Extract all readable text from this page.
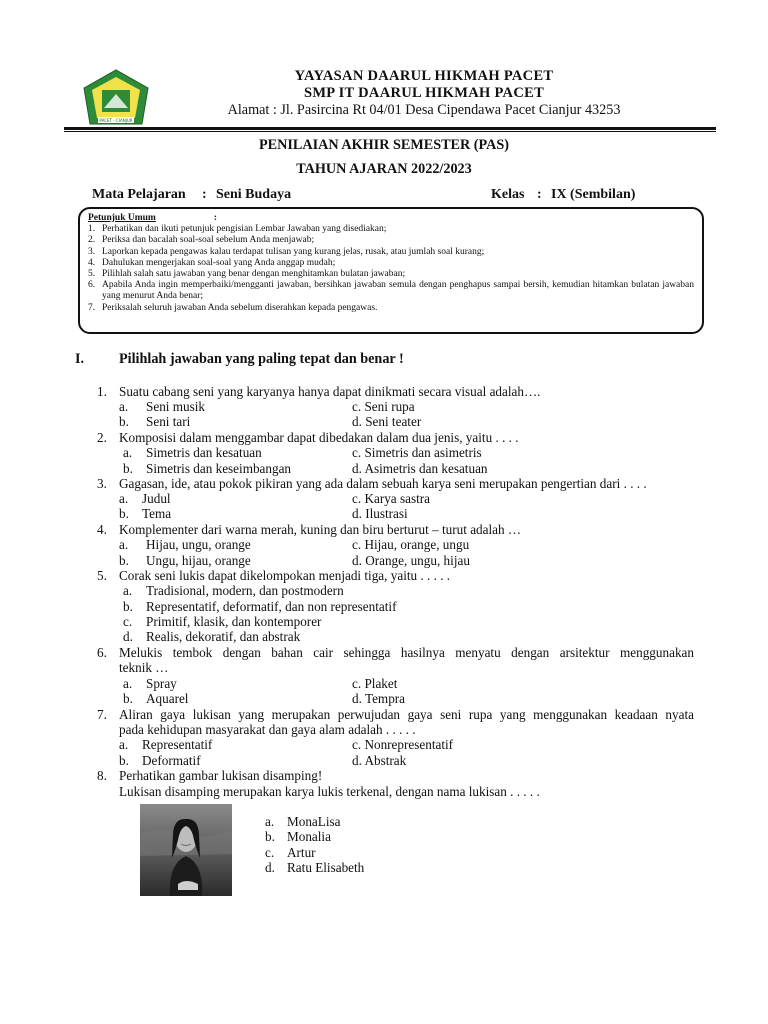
PACET - CIANJUR
YAYASAN DAARUL HIKMAH PACET
SMP IT DAARUL HIKMAH PACET
Alamat : Jl. Pasircina Rt 04/01 Desa Cipendawa Pacet Cianjur 43253
PENILAIAN AKHIR SEMESTER (PAS)
TAHUN AJARAN 2022/2023
Mata Pelajaran : Seni Budaya	Kelas : IX (Sembilan)
Petunjuk Umum	:
1. Perhatikan dan ikuti petunjuk pengisian Lembar Jawaban yang disediakan;
2. Periksa dan bacalah soal-soal sebelum Anda menjawab;
3. Laporkan kepada pengawas kalau terdapat tulisan yang kurang jelas, rusak, atau jumlah soal kurang;
4. Dahulukan mengerjakan soal-soal yang Anda anggap mudah;
5. Pilihlah salah satu jawaban yang benar dengan menghitamkan bulatan jawaban;
6. Apabila Anda ingin memperbaiki/mengganti jawaban, bersihkan jawaban semula dengan penghapus sampai bersih, kemudian hitamkan bulatan jawaban yang menurut Anda benar;
7. Periksalah seluruh jawaban Anda sebelum diserahkan kepada pengawas.
I. Pilihlah jawaban yang paling tepat dan benar !
1. Suatu cabang seni yang karyanya hanya dapat dinikmati secara visual adalah….
a. Seni musik	c. Seni rupa
b. Seni tari	d. Seni teater
2. Komposisi dalam menggambar dapat dibedakan dalam dua jenis, yaitu . . . .
a. Simetris dan kesatuan	c. Simetris dan asimetris
b. Simetris dan keseimbangan	d. Asimetris dan kesatuan
3. Gagasan, ide, atau pokok pikiran yang ada dalam sebuah karya seni merupakan pengertian dari . . . .
a. Judul	c. Karya sastra
b. Tema	d. Ilustrasi
4. Komplementer dari warna merah, kuning dan biru berturut – turut adalah …
a. Hijau, ungu, orange	c. Hijau, orange, ungu
b. Ungu, hijau, orange	d. Orange, ungu, hijau
5. Corak seni lukis dapat dikelompokan menjadi tiga, yaitu . . . . .
a. Tradisional, modern, dan postmodern
b. Representatif, deformatif, dan non representatif
c. Primitif, klasik, dan kontemporer
d. Realis, dekoratif, dan abstrak
6. Melukis tembok dengan bahan cair sehingga hasilnya menyatu dengan arsitektur menggunakan
teknik …
a. Spray	c. Plaket
b. Aquarel	d. Tempra
7. Aliran gaya lukisan yang merupakan perwujudan gaya seni rupa yang menggunakan keadaan nyata
pada kehidupan masyarakat dan gaya alam adalah . . . . .
a. Representatif	c. Nonrepresentatif
b. Deformatif	d. Abstrak
8. Perhatikan gambar lukisan disamping!
Lukisan disamping merupakan karya lukis terkenal, dengan nama lukisan . . . . .
a. MonaLisa
b. Monalia
c. Artur
d. Ratu Elisabeth
